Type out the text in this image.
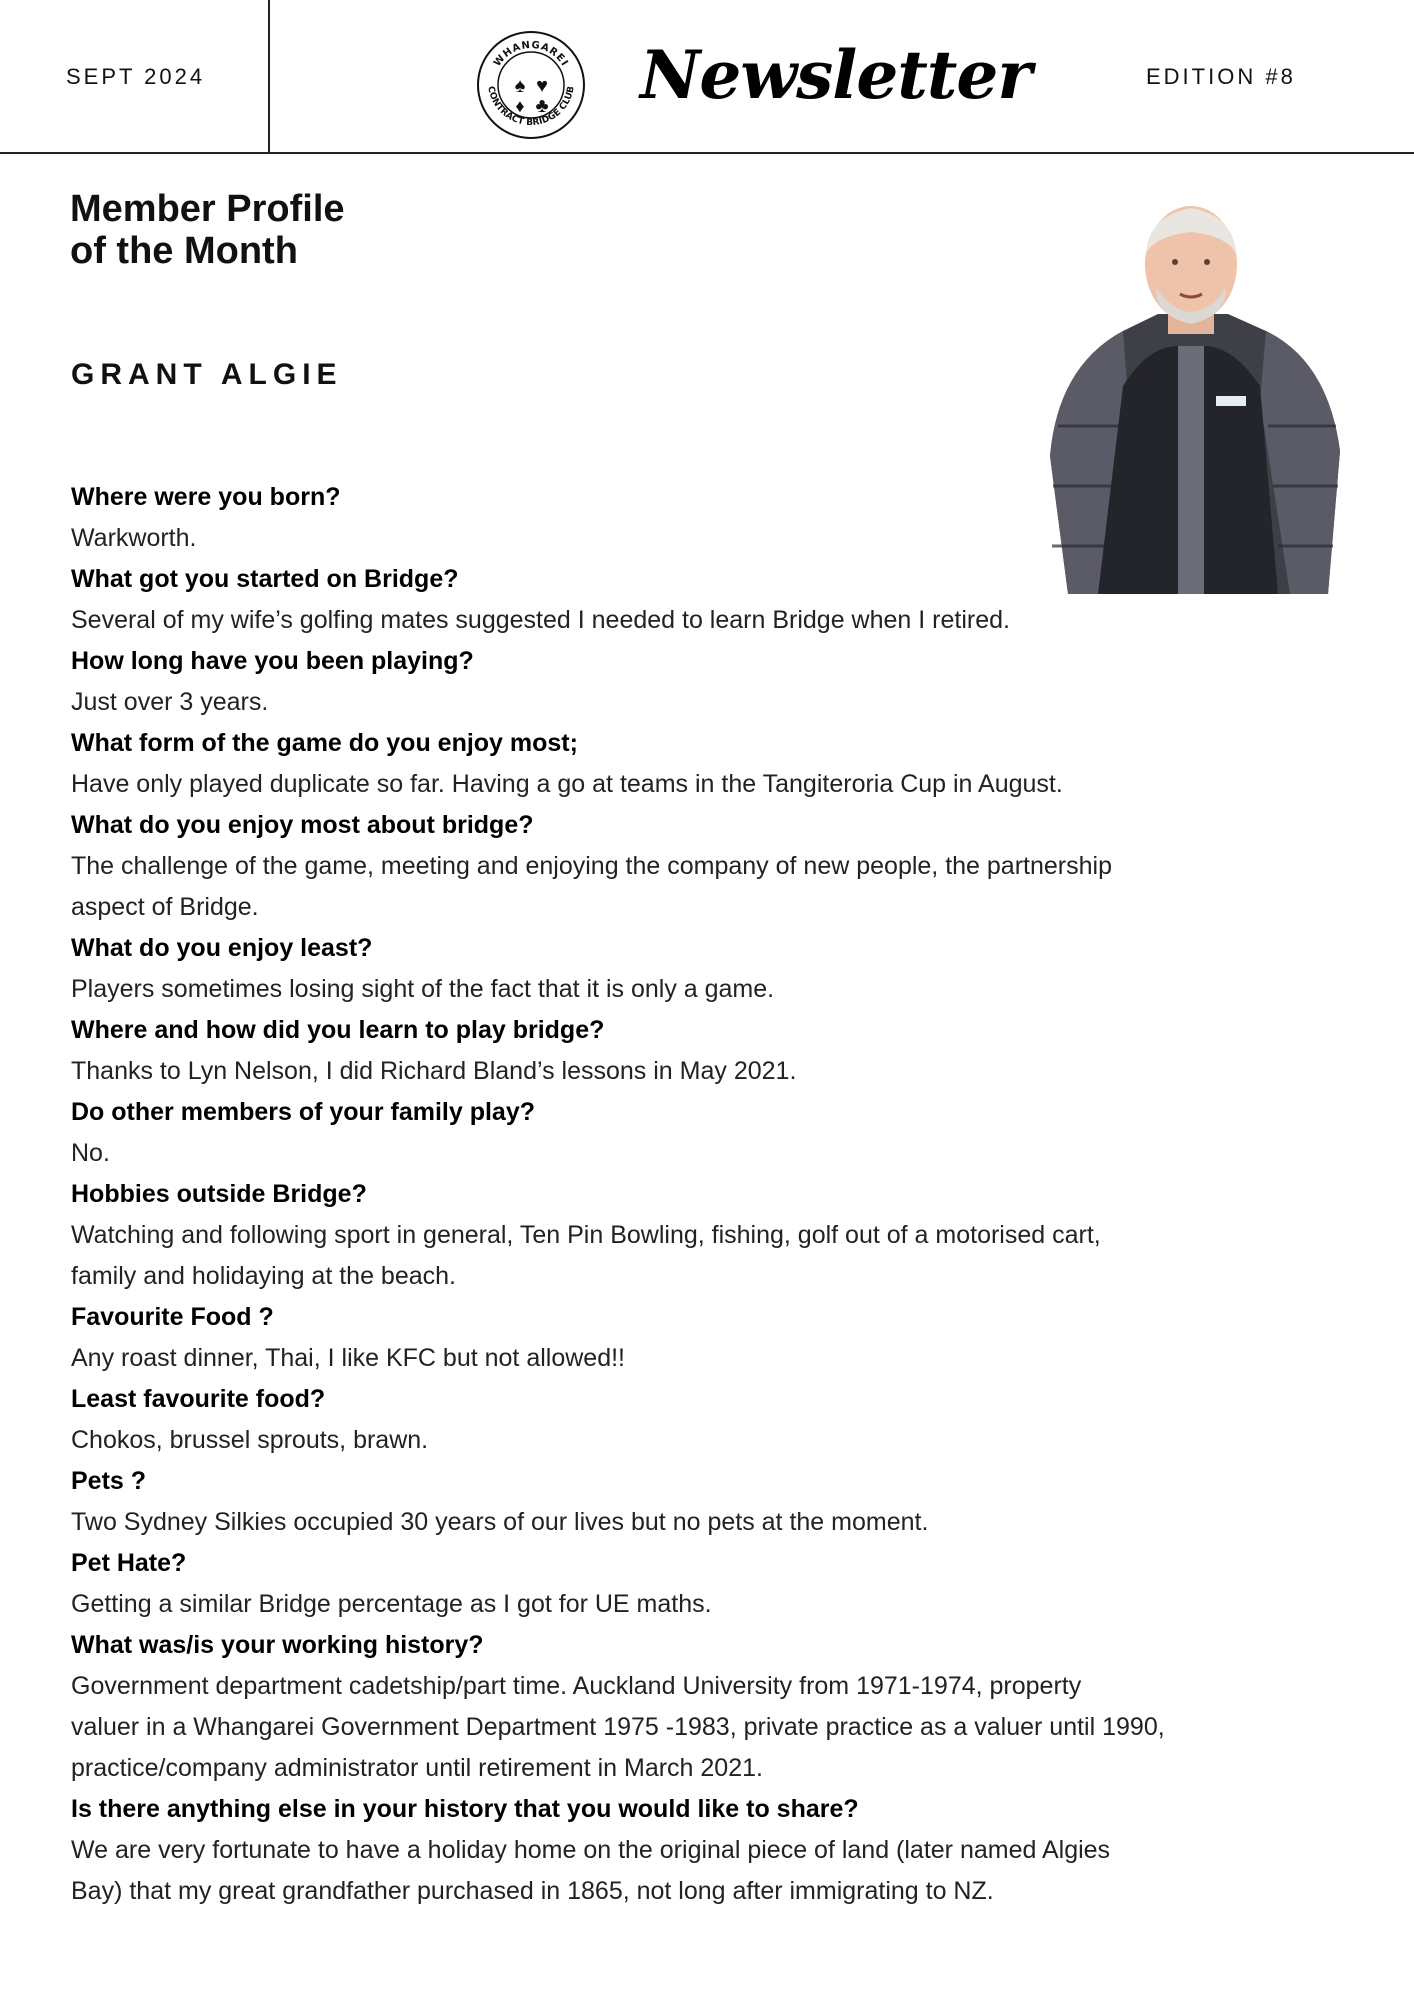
SEPT 2024
WHANGAREI
CONTRACT BRIDGE CLUB
♠ ♥
♦ ♣ Newsletter	EDITION #8
Member Profile
of the Month
GRANT ALGIE
Where were you born?
Warkworth.
What got you started on Bridge?
Several of my wife’s golfing mates suggested I needed to learn Bridge when I retired.
How long have you been playing?
Just over 3 years.
What form of the game do you enjoy most;
Have only played duplicate so far. Having a go at teams in the Tangiteroria Cup in August.
What do you enjoy most about bridge?
The challenge of the game, meeting and enjoying the company of new people, the partnership
aspect of Bridge.
What do you enjoy least?
Players sometimes losing sight of the fact that it is only a game.
Where and how did you learn to play bridge?
Thanks to Lyn Nelson, I did Richard Bland’s lessons in May 2021.
Do other members of your family play?
No.
Hobbies outside Bridge?
Watching and following sport in general, Ten Pin Bowling, fishing, golf out of a motorised cart,
family and holidaying at the beach.
Favourite Food ?
Any roast dinner, Thai, I like KFC but not allowed!!
Least favourite food?
Chokos, brussel sprouts, brawn.
Pets ?
Two Sydney Silkies occupied 30 years of our lives but no pets at the moment.
Pet Hate?
Getting a similar Bridge percentage as I got for UE maths.
What was/is your working history?
Government department cadetship/part time. Auckland University from 1971-1974, property
valuer in a Whangarei Government Department 1975 -1983, private practice as a valuer until 1990,
practice/company administrator until retirement in March 2021.
Is there anything else in your history that you would like to share?
We are very fortunate to have a holiday home on the original piece of land (later named Algies
Bay) that my great grandfather purchased in 1865, not long after immigrating to NZ.
